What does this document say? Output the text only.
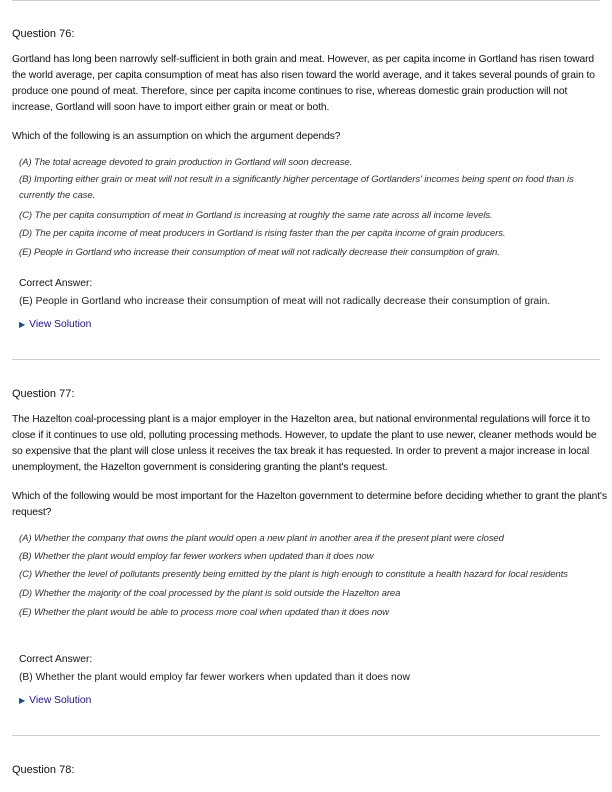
Question 76:

Gortland has long been narrowly self-sufficient in both grain and meat. However, as per capita income in Gortland has risen toward the world average, per capita consumption of meat has also risen toward the world average, and it takes several pounds of grain to produce one pound of meat. Therefore, since per capita income continues to rise, whereas domestic grain production will not increase, Gortland will soon have to import either grain or meat or both.

Which of the following is an assumption on which the argument depends?

(A) The total acreage devoted to grain production in Gortland will soon decrease.
(B) Importing either grain or meat will not result in a significantly higher percentage of Gortlanders' incomes being spent on food than is currently the case.
(C) The per capita consumption of meat in Gortland is increasing at roughly the same rate across all income levels.
(D) The per capita income of meat producers in Gortland is rising faster than the per capita income of grain producers.
(E) People in Gortland who increase their consumption of meat will not radically decrease their consumption of grain.
Correct Answer:
(E) People in Gortland who increase their consumption of meat will not radically decrease their consumption of grain.
▶ View Solution
Question 77:

The Hazelton coal-processing plant is a major employer in the Hazelton area, but national environmental regulations will force it to close if it continues to use old, polluting processing methods. However, to update the plant to use newer, cleaner methods would be so expensive that the plant will close unless it receives the tax break it has requested. In order to prevent a major increase in local unemployment, the Hazelton government is considering granting the plant's request.

Which of the following would be most important for the Hazelton government to determine before deciding whether to grant the plant's request?

(A) Whether the company that owns the plant would open a new plant in another area if the present plant were closed
(B) Whether the plant would employ far fewer workers when updated than it does now
(C) Whether the level of pollutants presently being emitted by the plant is high enough to constitute a health hazard for local residents
(D) Whether the majority of the coal processed by the plant is sold outside the Hazelton area
(E) Whether the plant would be able to process more coal when updated than it does now
Correct Answer:
(B) Whether the plant would employ far fewer workers when updated than it does now
▶ View Solution
Question 78:
